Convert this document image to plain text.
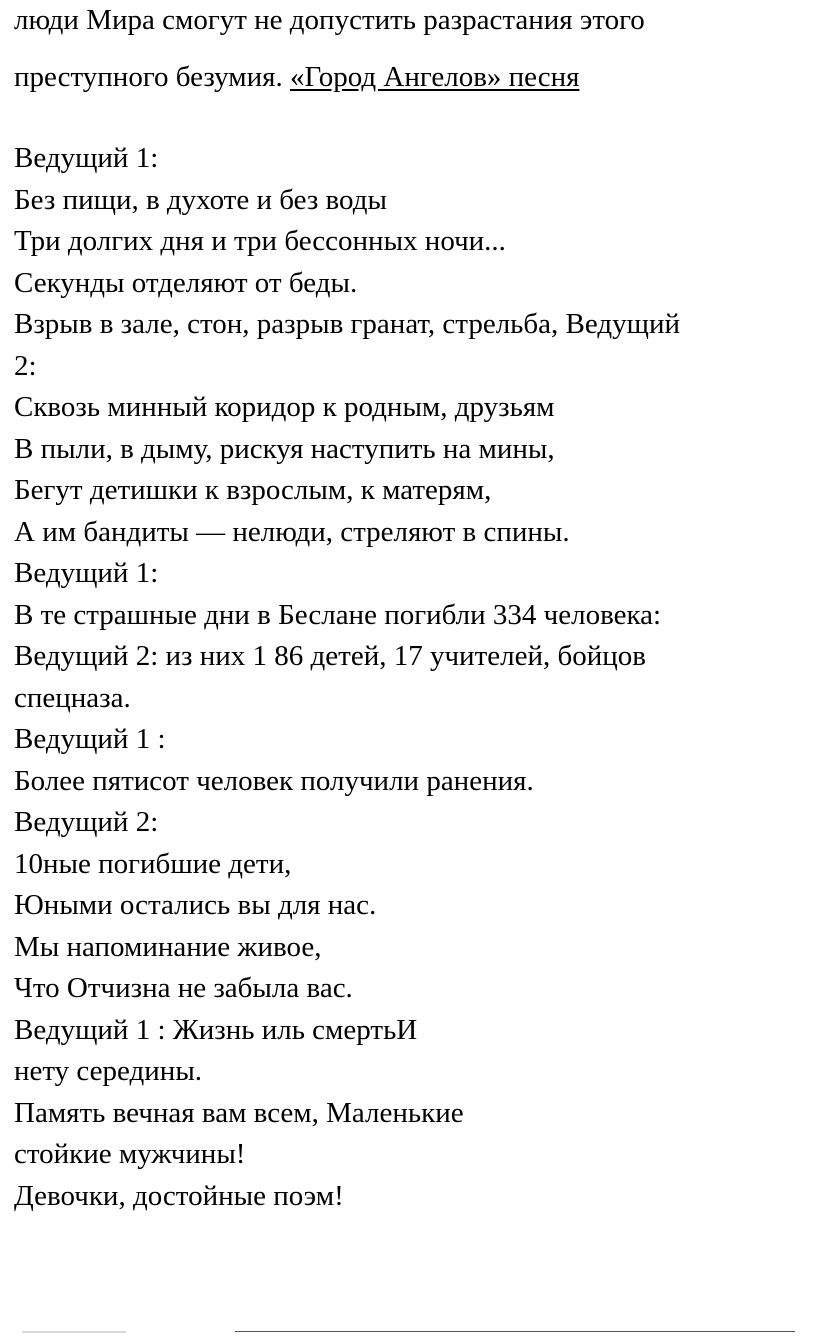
люди Мира смогут не допустить разрастания этого
преступного безумия. «Город Ангелов» песня
Ведущий 1:
Без пищи, в духоте и без воды
Три долгих дня и три бессонных ночи...
Секунды отделяют от беды.
Взрыв в зале, стон, разрыв гранат, стрельба, Ведущий
2:
Сквозь минный коридор к родным, друзьям
В пыли, в дыму, рискуя наступить на мины,
Бегут детишки к взрослым, к матерям,
А им бандиты — нелюди, стреляют в спины.
Ведущий 1:
В те страшные дни в Беслане погибли 334 человека:
Ведущий 2: из них 1 86 детей, 17 учителей, бойцов
спецназа.
Ведущий 1 :
Более пятисот человек получили ранения.
Ведущий 2:
10ные погибшие дети,
Юными остались вы для нас.
Мы напоминание живое,
Что Отчизна не забыла вас.
Ведущий 1 : Жизнь иль смертьИ
нету середины.
Память вечная вам всем, Маленькие
стойкие мужчины!
Девочки, достойные поэм!
